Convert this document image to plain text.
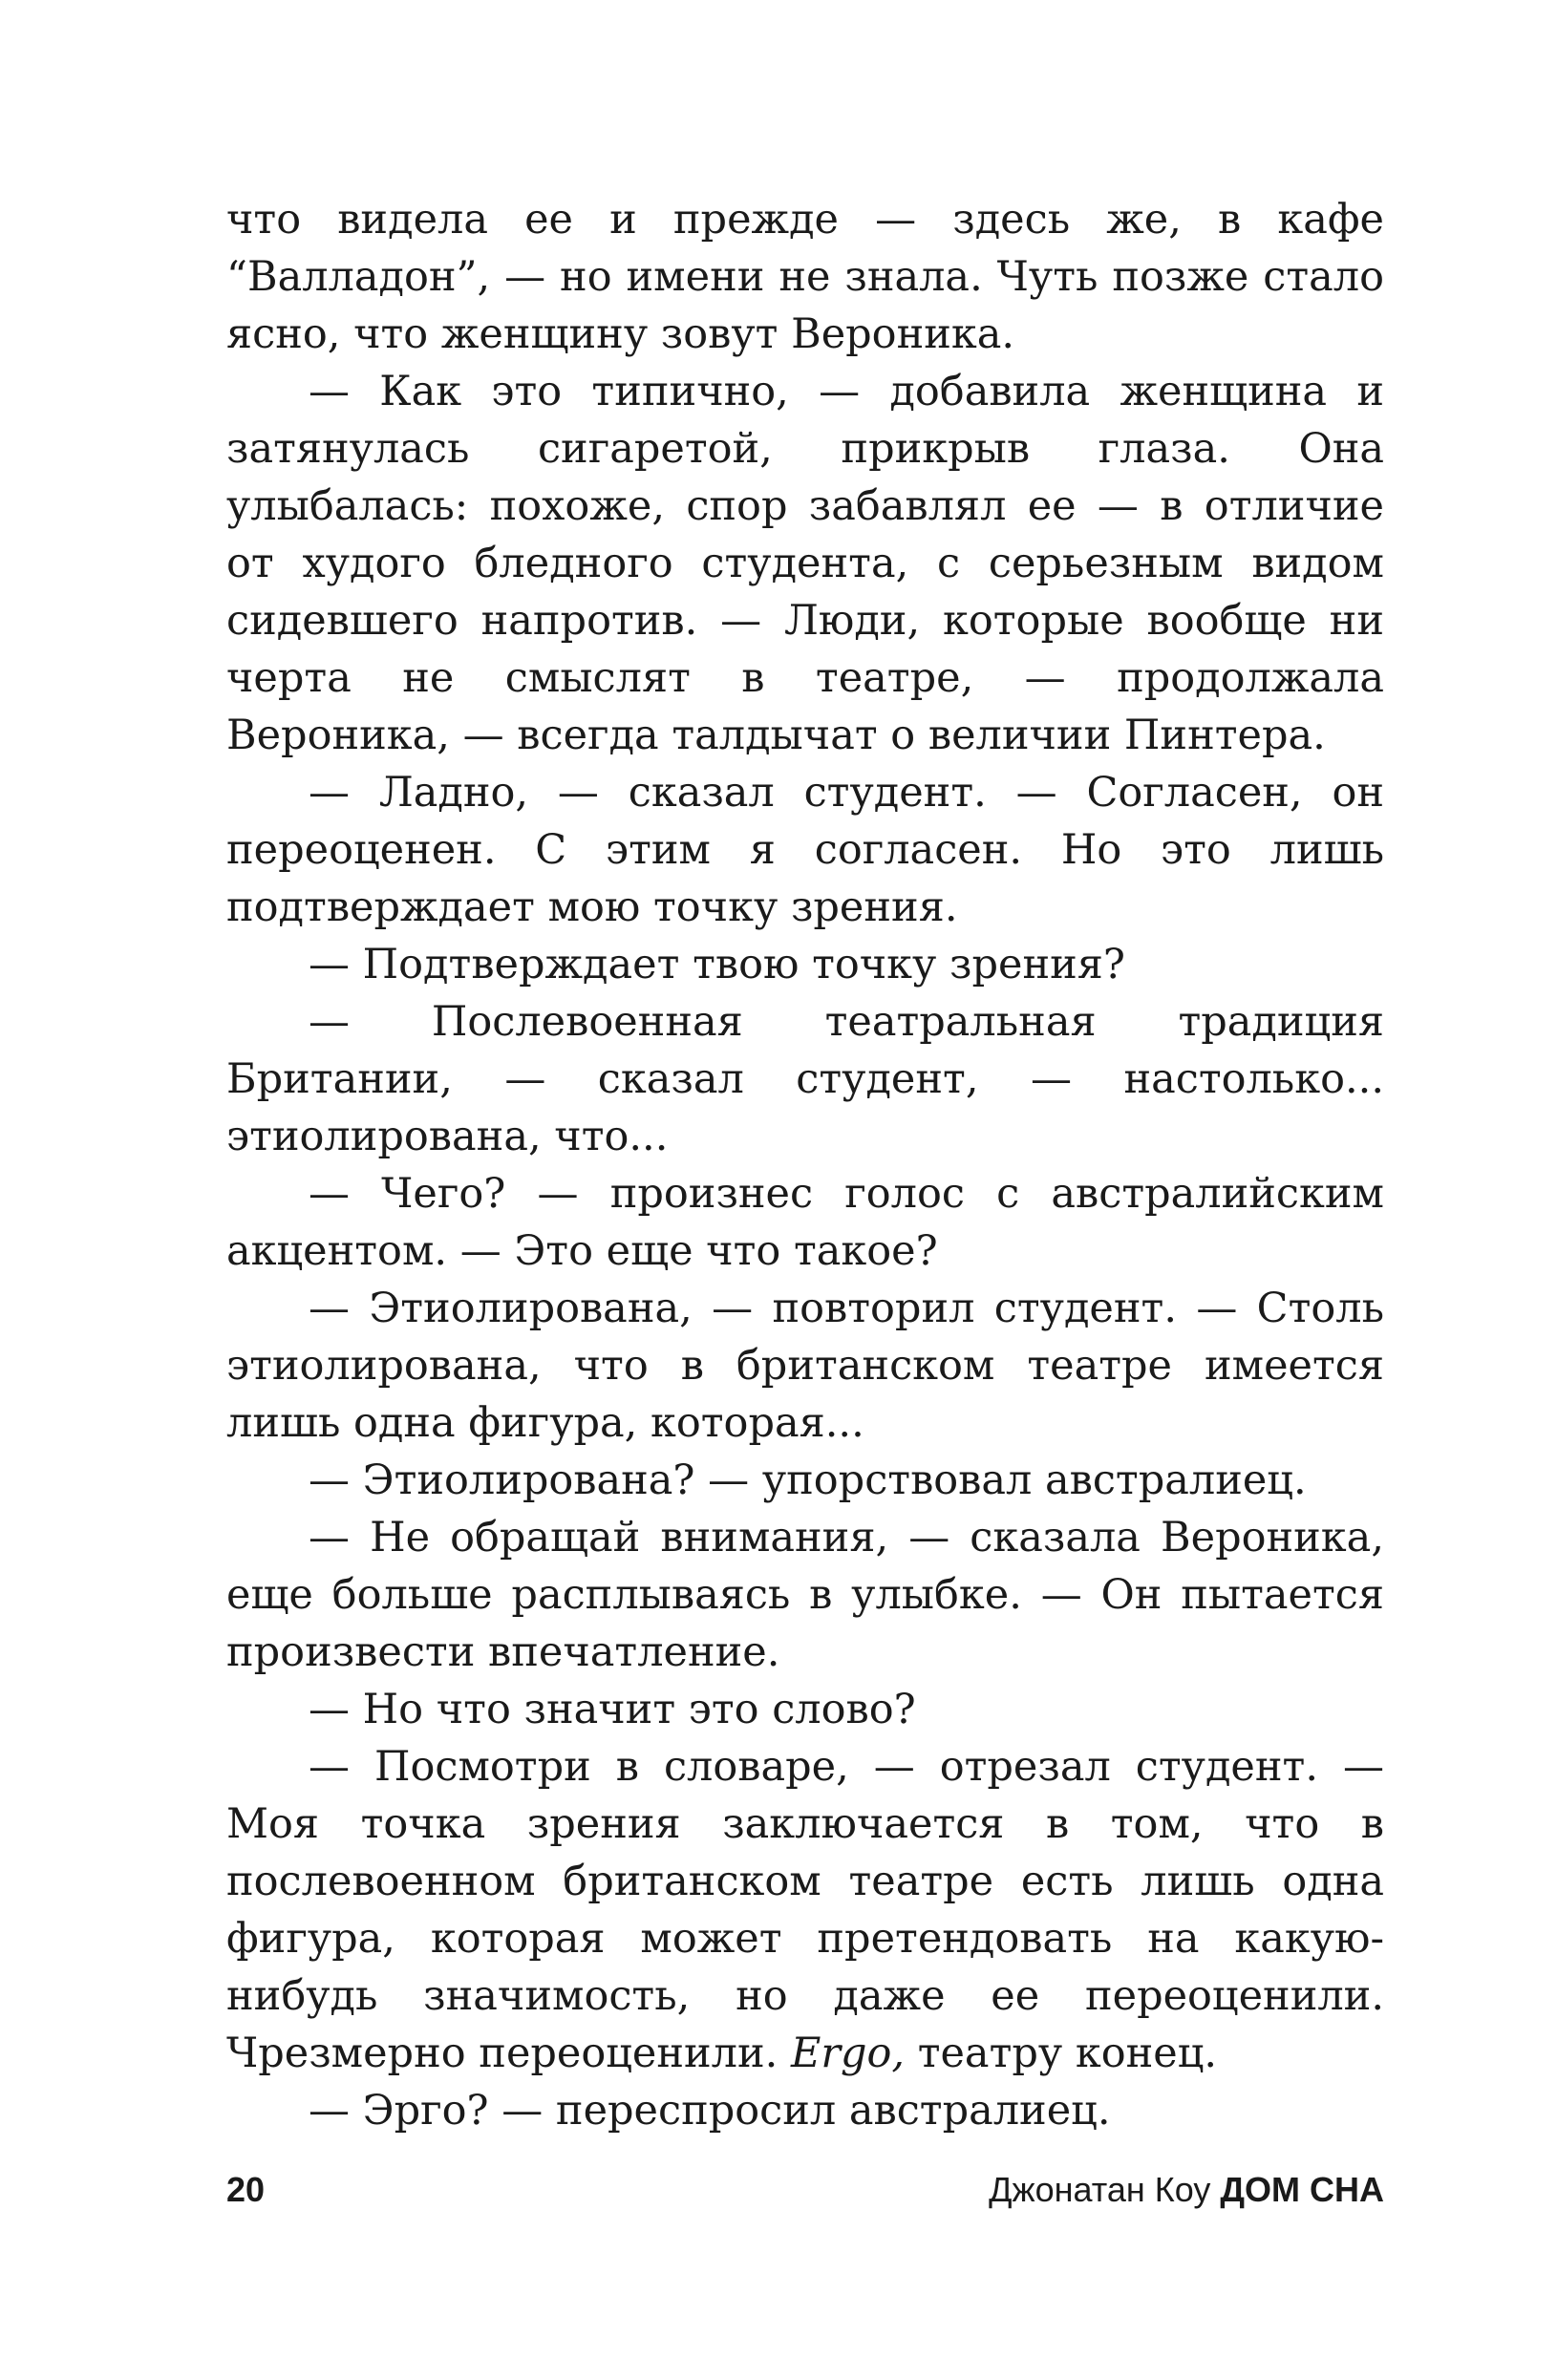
что видела ее и прежде — здесь же, в кафе “Валладон”, — но имени не знала. Чуть позже стало ясно, что женщину зовут Вероника.

— Как это типично, — добавила женщина и затянулась сигаретой, прикрыв глаза. Она улыбалась: похоже, спор забавлял ее — в отличие от худого бледного студента, с серьезным видом сидевшего напротив. — Люди, которые вообще ни черта не смыслят в театре, — продолжала Вероника, — всегда талдычат о величии Пинтера.

— Ладно, — сказал студент. — Согласен, он переоценен. С этим я согласен. Но это лишь подтверждает мою точку зрения.

— Подтверждает твою точку зрения?

— Послевоенная театральная традиция Британии, — сказал студент, — настолько... этиолирована, что...

— Чего? — произнес голос с австралийским акцентом. — Это еще что такое?

— Этиолирована, — повторил студент. — Столь этиолирована, что в британском театре имеется лишь одна фигура, которая...

— Этиолирована? — упорствовал австралиец.

— Не обращай внимания, — сказала Вероника, еще больше расплываясь в улыбке. — Он пытается произвести впечатление.

— Но что значит это слово?

— Посмотри в словаре, — отрезал студент. — Моя точка зрения заключается в том, что в послевоенном британском театре есть лишь одна фигура, которая может претендовать на какую-нибудь значимость, но даже ее переоценили. Чрезмерно переоценили. Ergo, театру конец.

— Эрго? — переспросил австралиец.

20	Джонатан Коу ДОМ СНА
